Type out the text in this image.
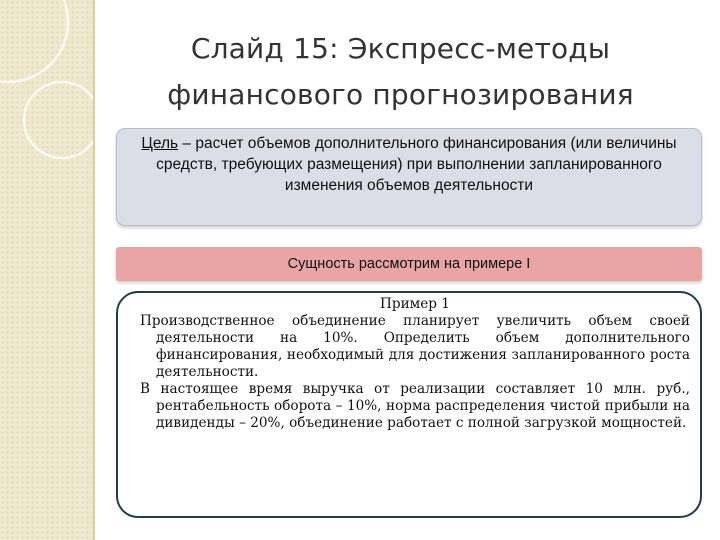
Слайд 15: Экспресс-методы
финансового прогнозирования
Цель – расчет объемов дополнительного финансирования (или величины средств, требующих размещения) при выполнении запланированного изменения объемов деятельности
Сущность рассмотрим на примере I

Пример 1

Производственное объединение планирует увеличить объем своей деятельности на 10%. Определить объем дополнительного финансирования, необходимый для достижения запланированного роста деятельности.

В настоящее время выручка от реализации составляет 10 млн. руб., рентабельность оборота – 10%, норма распределения чистой прибыли на дивиденды – 20%, объединение работает с полной загрузкой мощностей.
